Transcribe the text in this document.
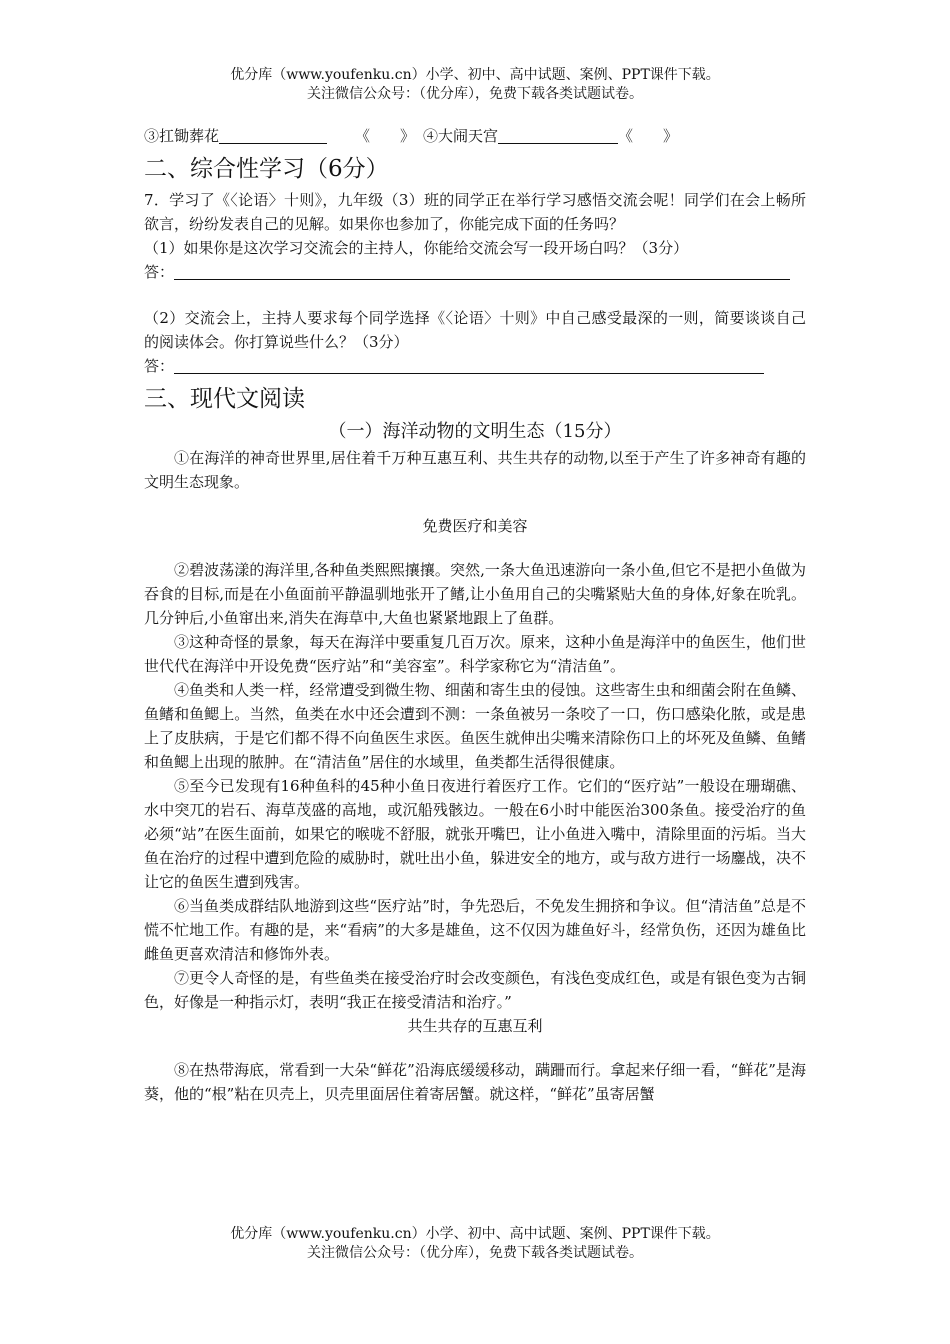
优分库（www.youfenku.cn）小学、初中、高中试题、案例、PPT课件下载。
关注微信公众号：（优分库），免费下载各类试题试卷。
③扛锄葬花	《　　》 ④大闹天宫	《　　》
二、综合性学习（6分）
7．学习了《〈论语〉十则》，九年级（3）班的同学正在举行学习感悟交流会呢！同学们在会上畅所欲言，纷纷发表自己的见解。如果你也参加了，你能完成下面的任务吗？
（1）如果你是这次学习交流会的主持人，你能给交流会写一段开场白吗？（3分）
答：
（2）交流会上，主持人要求每个同学选择《〈论语〉十则》中自己感受最深的一则，简要谈谈自己的阅读体会。你打算说些什么？（3分）
答：
三、现代文阅读
（一）海洋动物的文明生态（15分）
①在海洋的神奇世界里,居住着千万种互惠互利、共生共存的动物,以至于产生了许多神奇有趣的文明生态现象。
免费医疗和美容
②碧波荡漾的海洋里,各种鱼类熙熙攘攘。突然,一条大鱼迅速游向一条小鱼,但它不是把小鱼做为吞食的目标,而是在小鱼面前平静温驯地张开了鳍,让小鱼用自己的尖嘴紧贴大鱼的身体,好象在吮乳。几分钟后,小鱼窜出来,消失在海草中,大鱼也紧紧地跟上了鱼群。
③这种奇怪的景象，每天在海洋中要重复几百万次。原来，这种小鱼是海洋中的鱼医生，他们世世代代在海洋中开设免费“医疗站”和“美容室”。科学家称它为“清洁鱼”。
④鱼类和人类一样，经常遭受到微生物、细菌和寄生虫的侵蚀。这些寄生虫和细菌会附在鱼鳞、鱼鳍和鱼鳃上。当然，鱼类在水中还会遭到不测：一条鱼被另一条咬了一口，伤口感染化脓，或是患上了皮肤病，于是它们都不得不向鱼医生求医。鱼医生就伸出尖嘴来清除伤口上的坏死及鱼鳞、鱼鳍和鱼鳃上出现的脓肿。在“清洁鱼”居住的水域里，鱼类都生活得很健康。
⑤至今已发现有16种鱼科的45种小鱼日夜进行着医疗工作。它们的“医疗站”一般设在珊瑚礁、水中突兀的岩石、海草茂盛的高地，或沉船残骸边。一般在6小时中能医治300条鱼。接受治疗的鱼必须“站”在医生面前，如果它的喉咙不舒服，就张开嘴巴，让小鱼进入嘴中，清除里面的污垢。当大鱼在治疗的过程中遭到危险的威胁时，就吐出小鱼，躲进安全的地方，或与敌方进行一场鏖战，决不让它的鱼医生遭到残害。
⑥当鱼类成群结队地游到这些“医疗站”时，争先恐后，不免发生拥挤和争议。但“清洁鱼”总是不慌不忙地工作。有趣的是，来“看病”的大多是雄鱼，这不仅因为雄鱼好斗，经常负伤，还因为雄鱼比雌鱼更喜欢清洁和修饰外表。
⑦更令人奇怪的是，有些鱼类在接受治疗时会改变颜色，有浅色变成红色，或是有银色变为古铜色，好像是一种指示灯，表明“我正在接受清洁和治疗。”
共生共存的互惠互利
⑧在热带海底，常看到一大朵“鲜花”沿海底缓缓移动，蹒跚而行。拿起来仔细一看，“鲜花”是海葵，他的“根”粘在贝壳上，贝壳里面居住着寄居蟹。就这样，“鲜花”虽寄居蟹
优分库（www.youfenku.cn）小学、初中、高中试题、案例、PPT课件下载。
关注微信公众号：（优分库），免费下载各类试题试卷。
